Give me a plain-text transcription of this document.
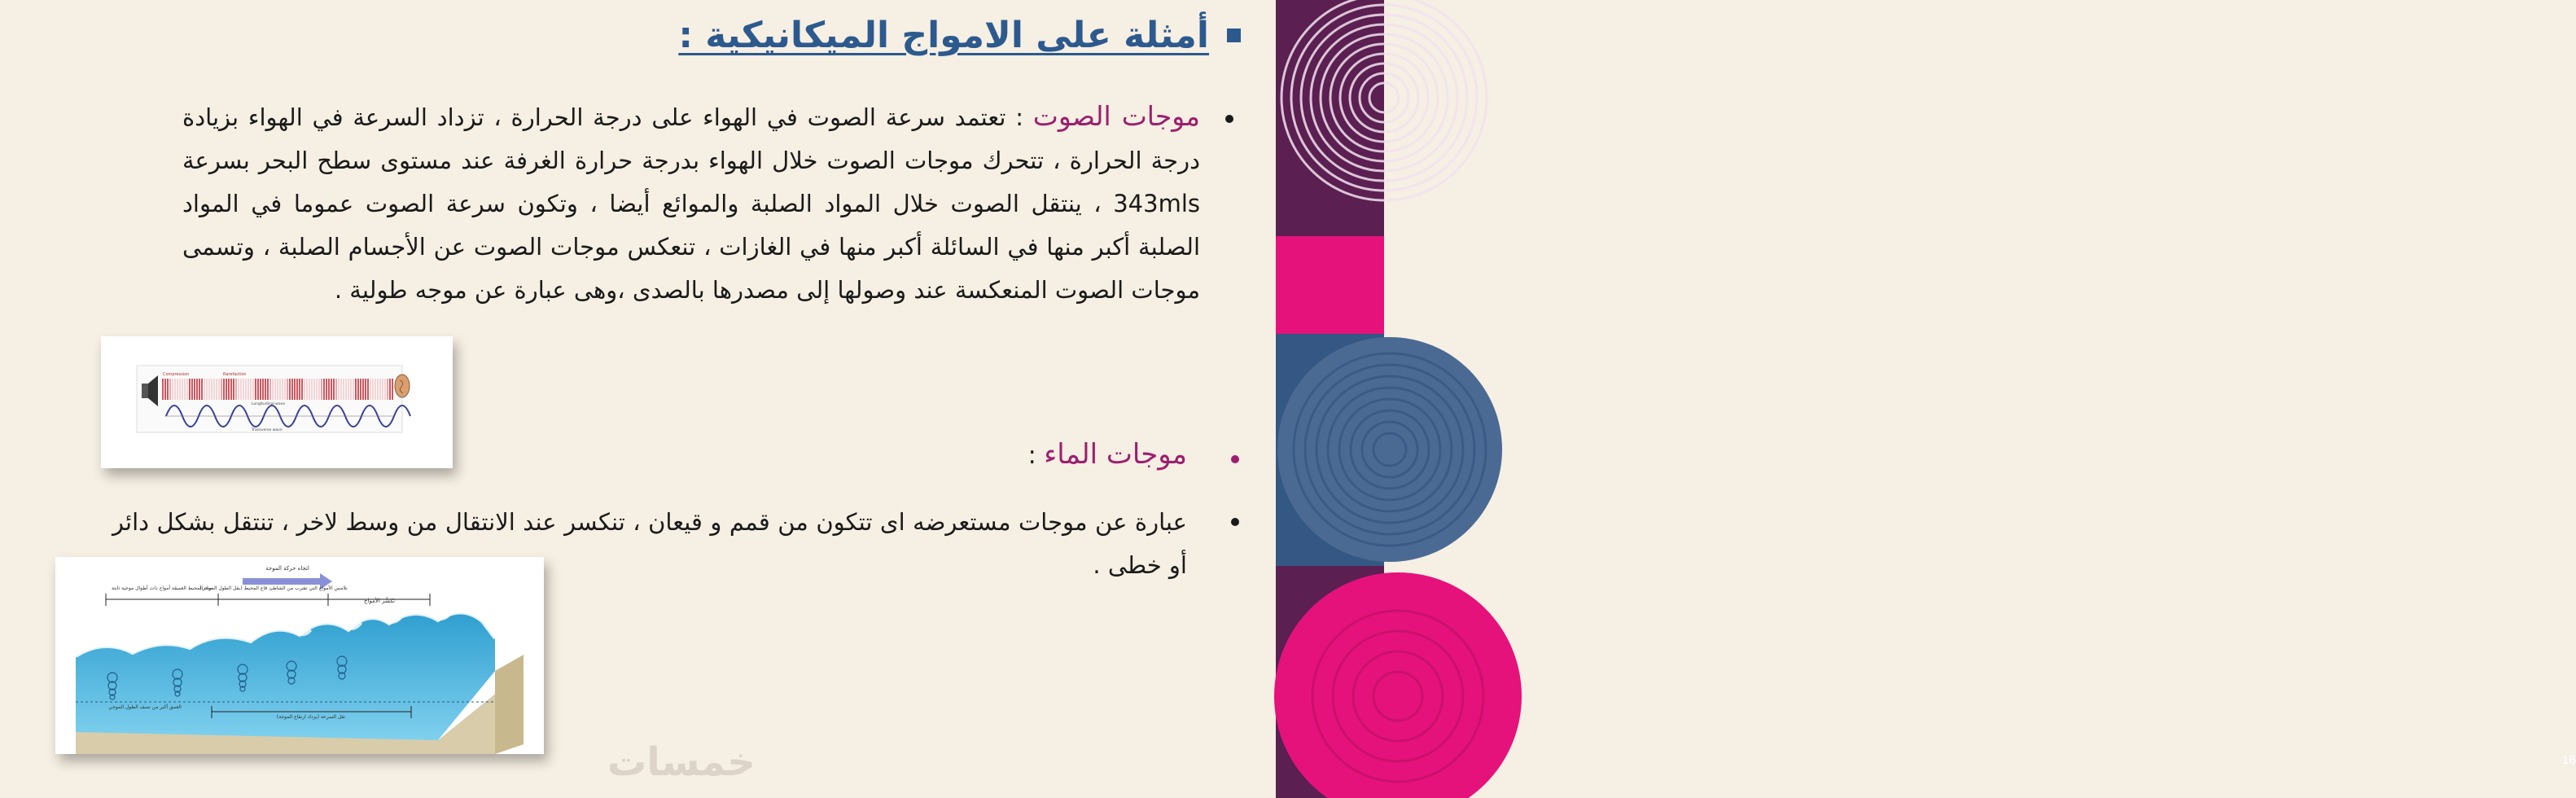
16
أمثلة على الامواج الميكانيكية :
موجات الصوت : تعتمد سرعة الصوت في الهواء على درجة الحرارة ، تزداد السرعة في الهواء بزيادة درجة الحرارة ، تتحرك موجات الصوت خلال الهواء بدرجة حرارة الغرفة عند مستوى سطح البحر بسرعة 343mls ، ينتقل الصوت خلال المواد الصلبة والموائع أيضا ، وتكون سرعة الصوت عموما في المواد الصلبة أكبر منها في السائلة أكبر منها في الغازات ، تنعكس موجات الصوت عن الأجسام الصلبة ، وتسمى موجات الصوت المنعكسة عند وصولها إلى مصدرها بالصدى ،وهى عبارة عن موجه طولية .
Compression	Rarefaction
Longitudinal wave
Transverse wave
موجات الماء :
عبارة عن موجات مستعرضه اى تتكون من قمم و قيعان ، تنكسر عند الانتقال من وسط لاخر ، تنتقل بشكل دائر أو خطى .
اتجاه حركة الموجة
مياه المحيط العميقة أمواج ذات أطوال موجية ثابتة
تلامس الأمواج التي تقترب من الشاطئ قاع المحيط (يقل الطول الموجي)
تكسُّر الأمواج
العمق أكبر من نصف الطول الموجي
تقل السرعة (يزداد ارتفاع الموجة)
خمسات
